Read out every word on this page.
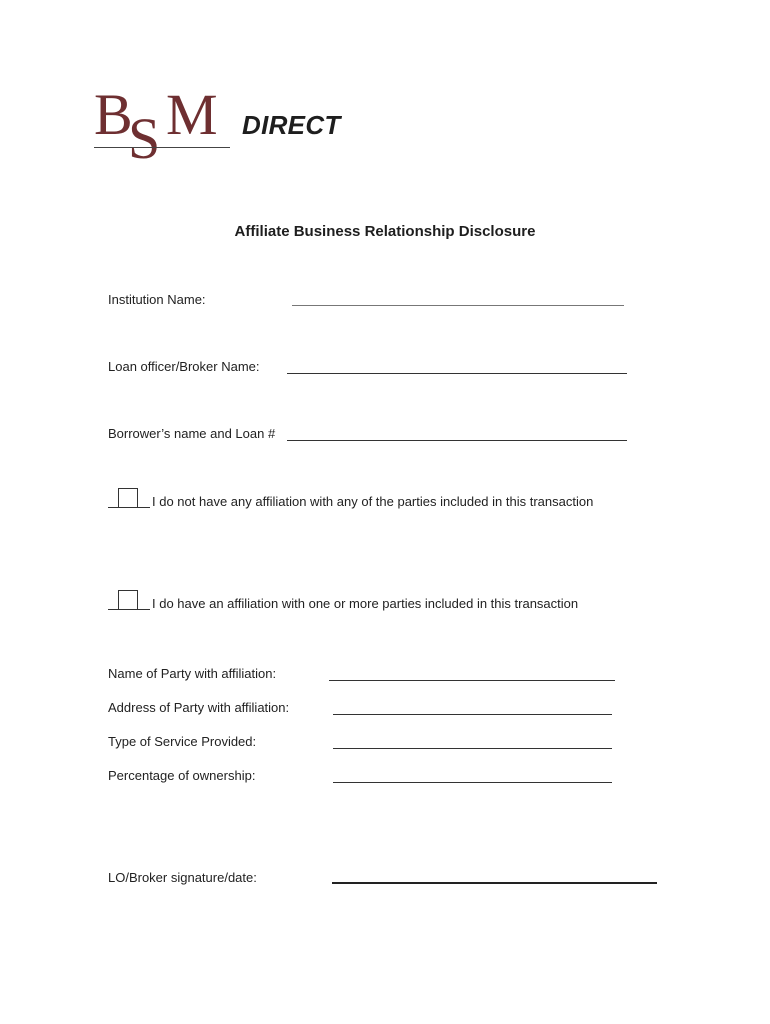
B
S M DIRECT
Affiliate Business Relationship Disclosure
Institution Name:
Loan officer/Broker Name:
Borrower’s name and Loan #
I do not have any affiliation with any of the parties included in this transaction
I do have an affiliation with one or more parties included in this transaction
Name of Party with affiliation:
Address of Party with affiliation:
Type of Service Provided:
Percentage of ownership:
LO/Broker signature/date:
